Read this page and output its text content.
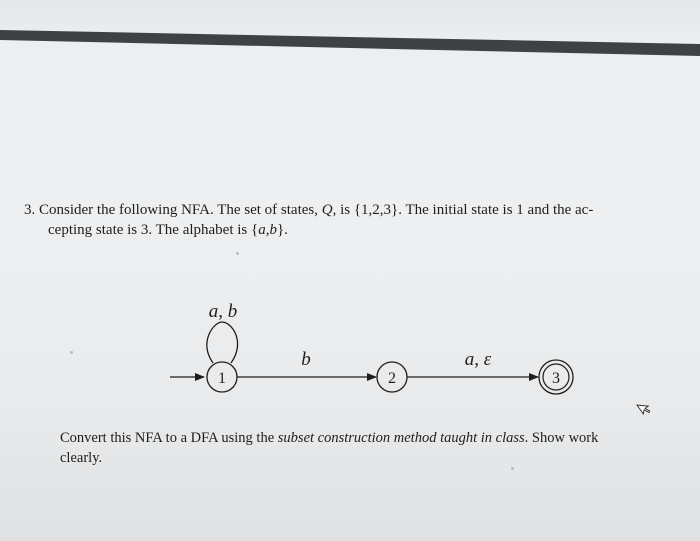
3. Consider the following NFA. The set of states, Q, is {1,2,3}. The initial state is 1 and the ac-
cepting state is 3. The alphabet is {a,b}.
a, b
1
b
2
a, ε
3
Convert this NFA to a DFA using the subset construction method taught in class. Show work
clearly.
